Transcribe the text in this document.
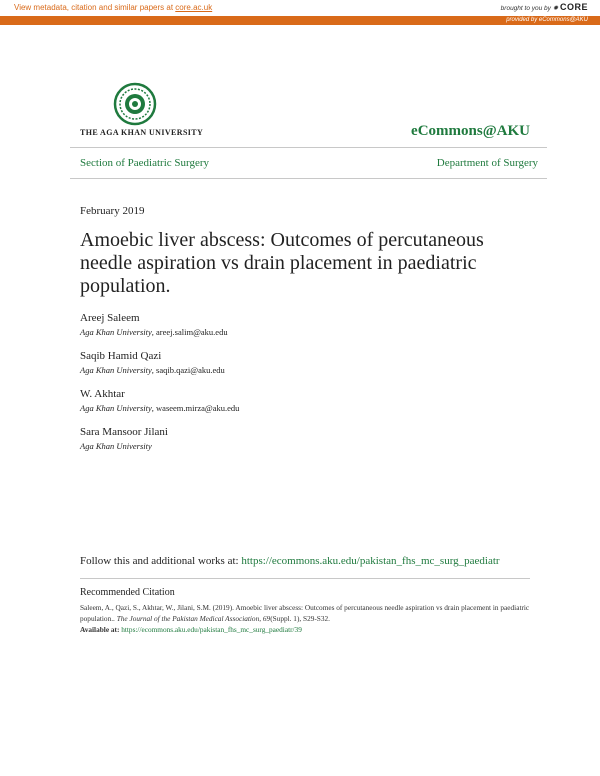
View metadata, citation and similar papers at core.ac.uk	brought to you by ✹ CORE
provided by eCommons@AKU
THE AGA KHAN UNIVERSITY	eCommons@AKU
Section of Paediatric Surgery	Department of Surgery
February 2019
Amoebic liver abscess: Outcomes of percutaneous needle aspiration vs drain placement in paediatric population.
Areej Saleem
Aga Khan University, areej.salim@aku.edu
Saqib Hamid Qazi
Aga Khan University, saqib.qazi@aku.edu
W. Akhtar
Aga Khan University, waseem.mirza@aku.edu
Sara Mansoor Jilani
Aga Khan University
Follow this and additional works at: https://ecommons.aku.edu/pakistan_fhs_mc_surg_paediatr
Recommended Citation
Saleem, A., Qazi, S., Akhtar, W., Jilani, S.M. (2019). Amoebic liver abscess: Outcomes of percutaneous needle aspiration vs drain placement in paediatric population.. The Journal of the Pakistan Medical Association, 69(Suppl. 1), S29-S32.
Available at: https://ecommons.aku.edu/pakistan_fhs_mc_surg_paediatr/39
